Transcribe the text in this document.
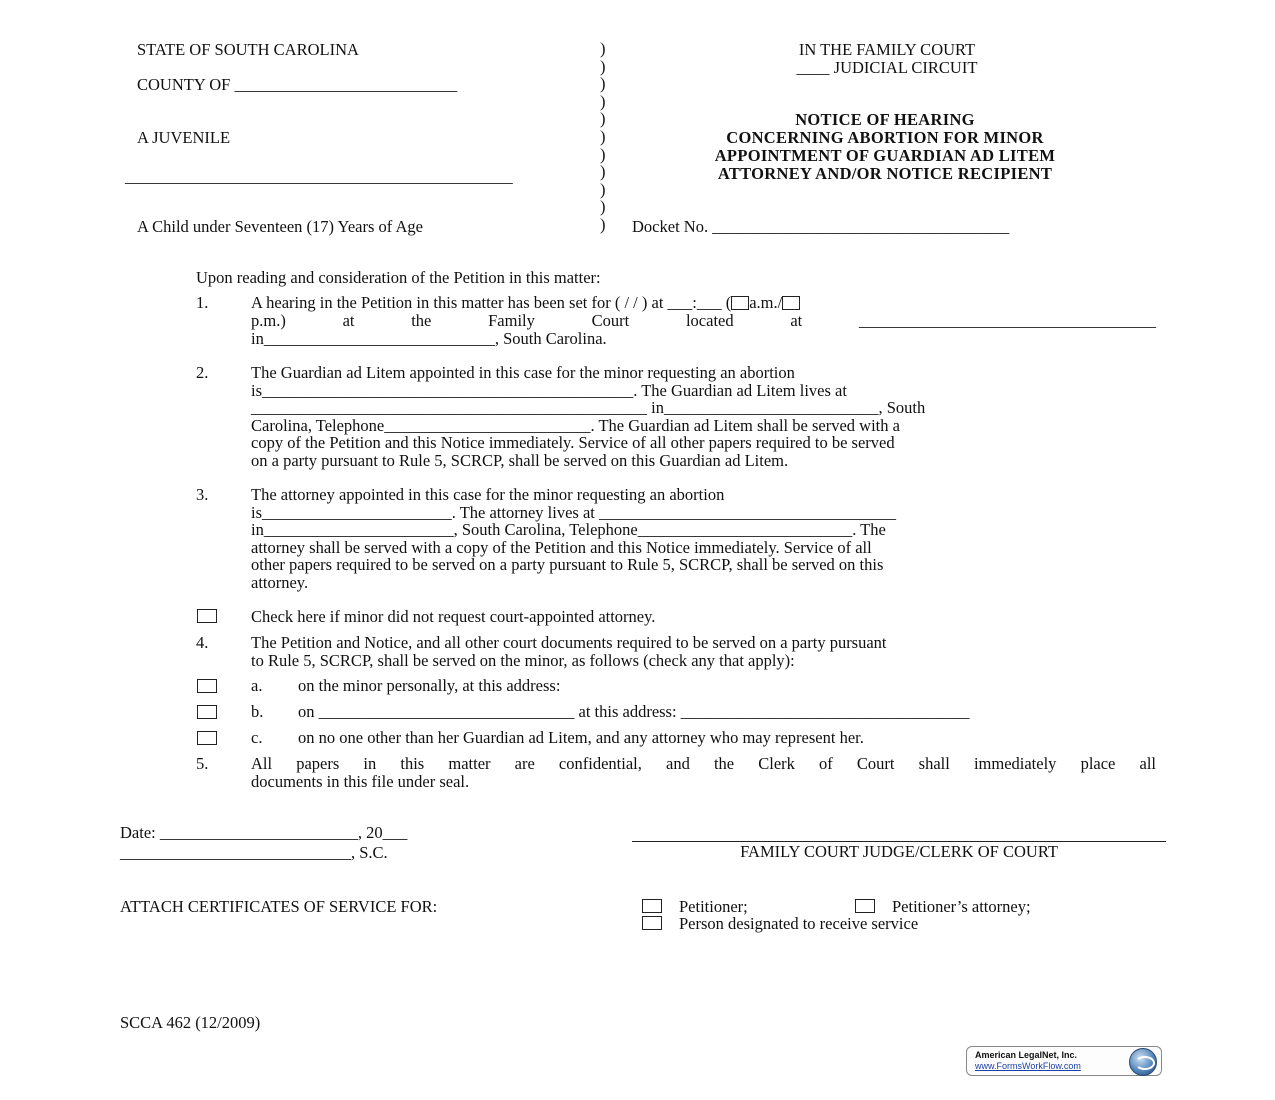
STATE OF SOUTH CAROLINA
COUNTY OF ___________________________
A JUVENILE
_______________________________________________
A Child under Seventeen (17) Years of Age
)
)
)
)
)
)
)
)
)
)
)
IN THE FAMILY COURT
____ JUDICIAL CIRCUIT
NOTICE OF HEARING
CONCERNING ABORTION FOR MINOR
APPOINTMENT OF GUARDIAN AD LITEM
ATTORNEY AND/OR NOTICE RECIPIENT
Docket No. ____________________________________
Upon reading and consideration of the Petition in this matter:
1.	A hearing in the Petition in this matter has been set for ( / / ) at ___:___ ( a.m./
p.m.) at the Family Court located at ____________________________________
in____________________________, South Carolina.
2.	The Guardian ad Litem appointed in this case for the minor requesting an abortion
is_____________________________________________. The Guardian ad Litem lives at
________________________________________________ in__________________________, South
Carolina, Telephone_________________________. The Guardian ad Litem shall be served with a
copy of the Petition and this Notice immediately. Service of all other papers required to be served
on a party pursuant to Rule 5, SCRCP, shall be served on this Guardian ad Litem.
3.	The attorney appointed in this case for the minor requesting an abortion
is_______________________. The attorney lives at ____________________________________
in_______________________, South Carolina, Telephone__________________________. The
attorney shall be served with a copy of the Petition and this Notice immediately. Service of all
other papers required to be served on a party pursuant to Rule 5, SCRCP, shall be served on this
attorney.
Check here if minor did not request court-appointed attorney.
4.	The Petition and Notice, and all other court documents required to be served on a party pursuant
to Rule 5, SCRCP, shall be served on the minor, as follows (check any that apply):
a. on the minor personally, at this address:
b. on _______________________________ at this address: ___________________________________
c. on no one other than her Guardian ad Litem, and any attorney who may represent her.
5.	All papers in this matter are confidential, and the Clerk of Court shall immediately place all
documents in this file under seal.
Date: ________________________, 20___
____________________________, S.C.	FAMILY COURT JUDGE/CLERK OF COURT
ATTACH CERTIFICATES OF SERVICE FOR:	Petitioner;	Petitioner’s attorney;
Person designated to receive service
SCCA 462 (12/2009)
American LegalNet, Inc.
www.FormsWorkFlow.com
